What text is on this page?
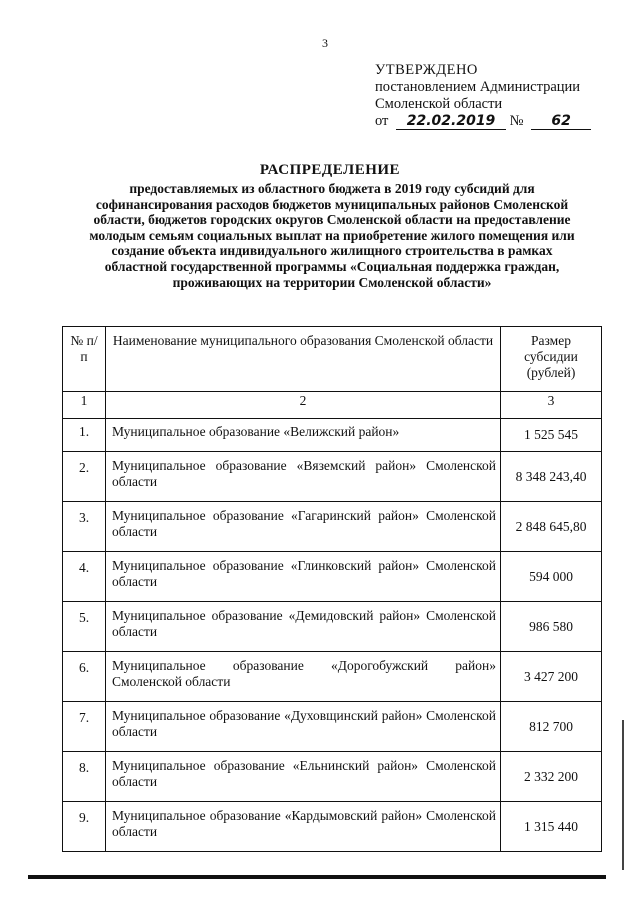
3
УТВЕРЖДЕНО
постановлением Администрации
Смоленской области
от 22.02.2019 № 62
РАСПРЕДЕЛЕНИЕ
предоставляемых из областного бюджета в 2019 году субсидий для
софинансирования расходов бюджетов муниципальных районов Смоленской
области, бюджетов городских округов Смоленской области на предоставление
молодым семьям социальных выплат на приобретение жилого помещения или
создание объекта индивидуального жилищного строительства в рамках
областной государственной программы «Социальная поддержка граждан,
проживающих на территории Смоленской области»
№ п/п	Наименование муниципального образования Смоленской области	Размер субсидии (рублей)
1	2	3
1.	Муниципальное образование «Велижский район»	1 525 545
2.	Муниципальное образование «Вяземский район» Смоленской области	8 348 243,40
3.	Муниципальное образование «Гагаринский район» Смоленской области	2 848 645,80
4.	Муниципальное образование «Глинковский район» Смоленской области	594 000
5.	Муниципальное образование «Демидовский район» Смоленской области	986 580
6.	Муниципальное образование «Дорогобужский район» Смоленской области	3 427 200
7.	Муниципальное образование «Духовщинский район» Смоленской области	812 700
8.	Муниципальное образование «Ельнинский район» Смоленской области	2 332 200
9.	Муниципальное образование «Кардымовский район» Смоленской области	1 315 440
